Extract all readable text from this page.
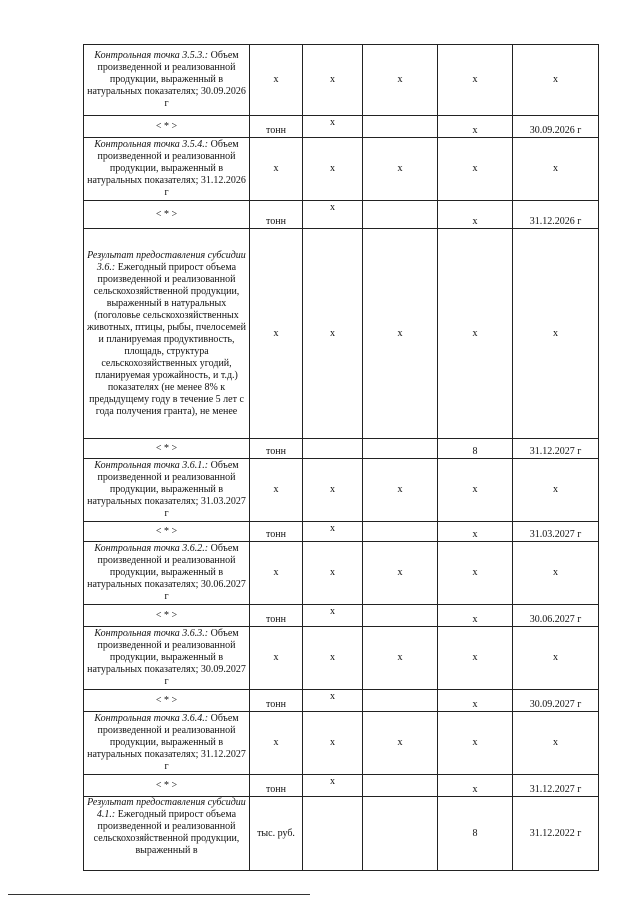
Контрольная точка 3.5.3.: Объем произведенной и реализованной продукции, выраженный в натуральных показателях; 30.09.2026 г	x	x	x	x	x
< * >	тонн	x		x	30.09.2026 г
Контрольная точка 3.5.4.: Объем произведенной и реализованной продукции, выраженный в натуральных показателях; 31.12.2026 г	x	x	x	x	x
< * >	тонн	x		x	31.12.2026 г
Результат предоставления субсидии 3.6.: Ежегодный прирост объема произведенной и реализованной сельскохозяйственной продукции, выраженный в натуральных (поголовье сельскохозяйственных животных, птицы, рыбы, пчелосемей и планируемая продуктивность, площадь, структура сельскохозяйственных угодий, планируемая урожайность, и т.д.) показателях (не менее 8% к предыдущему году в течение 5 лет с года получения гранта), не менее	x	x	x	x	x
< * >	тонн			8	31.12.2027 г
Контрольная точка 3.6.1.: Объем произведенной и реализованной продукции, выраженный в натуральных показателях; 31.03.2027 г	x	x	x	x	x
< * >	тонн	x		x	31.03.2027 г
Контрольная точка 3.6.2.: Объем произведенной и реализованной продукции, выраженный в натуральных показателях; 30.06.2027 г	x	x	x	x	x
< * >	тонн	x		x	30.06.2027 г
Контрольная точка 3.6.3.: Объем произведенной и реализованной продукции, выраженный в натуральных показателях; 30.09.2027 г	x	x	x	x	x
< * >	тонн	x		x	30.09.2027 г
Контрольная точка 3.6.4.: Объем произведенной и реализованной продукции, выраженный в натуральных показателях; 31.12.2027 г	x	x	x	x	x
< * >	тонн	x		x	31.12.2027 г
Результат предоставления субсидии 4.1.: Ежегодный прирост объема произведенной и реализованной сельскохозяйственной продукции, выраженный в	тыс. руб.			8	31.12.2022 г
